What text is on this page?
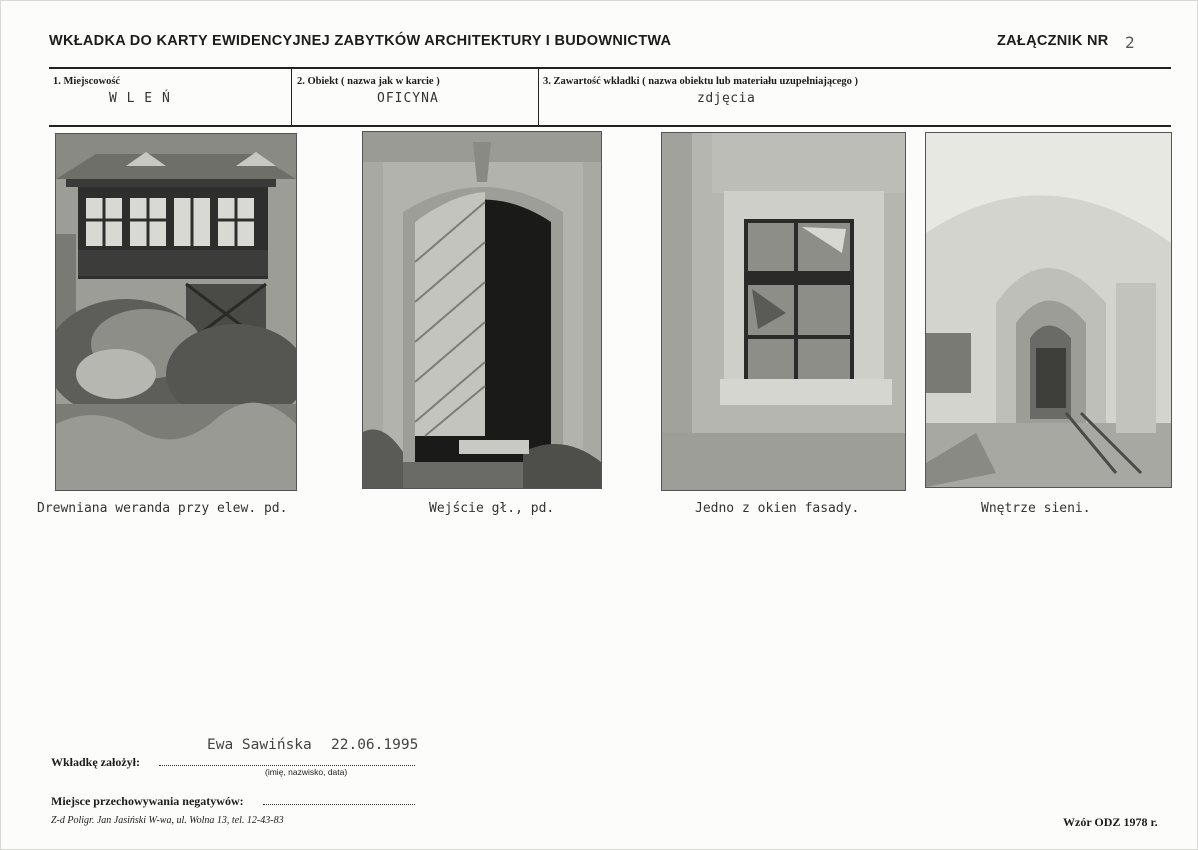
WKŁADKA DO KARTY EWIDENCYJNEJ ZABYTKÓW ARCHITEKTURY I BUDOWNICTWA	ZAŁĄCZNIK NR 2
1. Miejscowość
W L E Ń
2. Obiekt ( nazwa jak w karcie )
OFICYNA
3. Zawartość wkładki ( nazwa obiektu lub materiału uzupełniającego )
zdjęcia
Drewniana weranda przy elew. pd.	Wejście gł., pd.	Jedno z okien fasady.	Wnętrze sieni.
Ewa Sawińska 22.06.1995
Wkładkę założył:
(imię, nazwisko, data)
Miejsce przechowywania negatywów:
Z-d Poligr. Jan Jasiński W-wa, ul. Wolna 13, tel. 12-43-83	Wzór ODZ 1978 r.
